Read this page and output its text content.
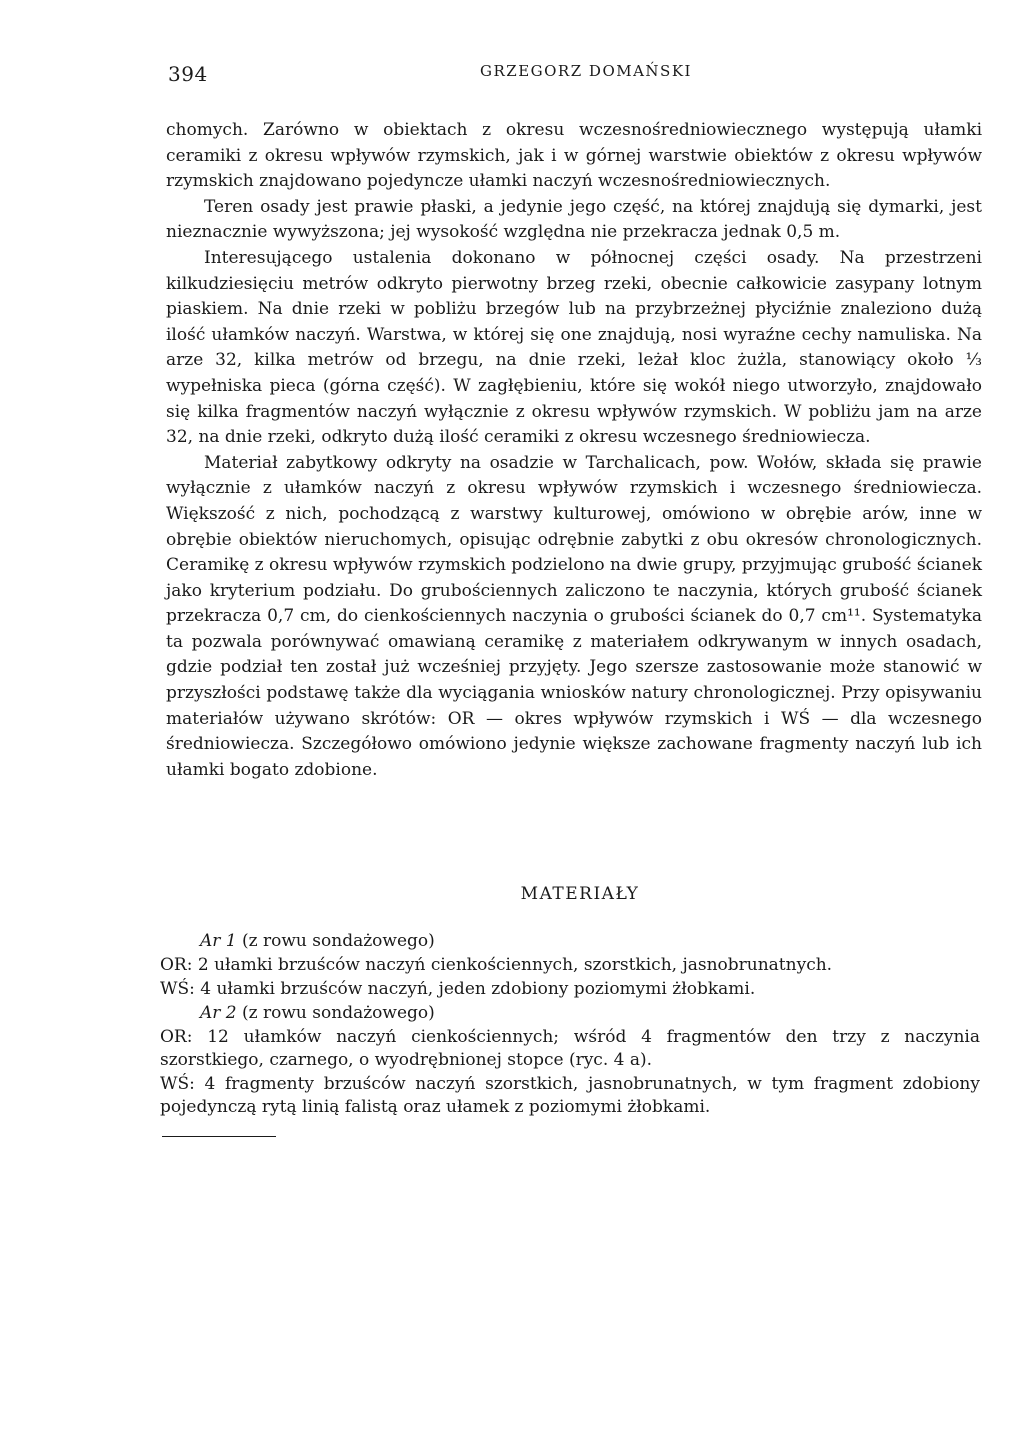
394	GRZEGORZ DOMAŃSKI

chomych. Zarówno w obiektach z okresu wczesnośredniowiecznego występują ułamki ceramiki z okresu wpływów rzymskich, jak i w górnej warstwie obiektów z okresu wpływów rzymskich znajdowano pojedyncze ułamki naczyń wczesnośredniowiecznych.

Teren osady jest prawie płaski, a jedynie jego część, na której znajdują się dymarki, jest nieznacznie wywyższona; jej wysokość względna nie przekracza jednak 0,5 m.

Interesującego ustalenia dokonano w północnej części osady. Na przestrzeni kilkudziesięciu metrów odkryto pierwotny brzeg rzeki, obecnie całkowicie zasypany lotnym piaskiem. Na dnie rzeki w pobliżu brzegów lub na przybrzeżnej płyciźnie znaleziono dużą ilość ułamków naczyń. Warstwa, w której się one znajdują, nosi wyraźne cechy namuliska. Na arze 32, kilka metrów od brzegu, na dnie rzeki, leżał kloc żużla, stanowiący około ⅓ wypełniska pieca (górna część). W zagłębieniu, które się wokół niego utworzyło, znajdowało się kilka fragmentów naczyń wyłącznie z okresu wpływów rzymskich. W pobliżu jam na arze 32, na dnie rzeki, odkryto dużą ilość ceramiki z okresu wczesnego średniowiecza.

Materiał zabytkowy odkryty na osadzie w Tarchalicach, pow. Wołów, składa się prawie wyłącznie z ułamków naczyń z okresu wpływów rzymskich i wczesnego średniowiecza. Większość z nich, pochodzącą z warstwy kulturowej, omówiono w obrębie arów, inne w obrębie obiektów nieruchomych, opisując odrębnie zabytki z obu okresów chronologicznych. Ceramikę z okresu wpływów rzymskich podzielono na dwie grupy, przyjmując grubość ścianek jako kryterium podziału. Do grubościennych zaliczono te naczynia, których grubość ścianek przekracza 0,7 cm, do cienkościennych naczynia o grubości ścianek do 0,7 cm¹¹. Systematyka ta pozwala porównywać omawianą ceramikę z materiałem odkrywanym w innych osadach, gdzie podział ten został już wcześniej przyjęty. Jego szersze zastosowanie może stanowić w przyszłości podstawę także dla wyciągania wniosków natury chronologicznej. Przy opisywaniu materiałów używano skrótów: OR — okres wpływów rzymskich i WŚ — dla wczesnego średniowiecza. Szczegółowo omówiono jedynie większe zachowane fragmenty naczyń lub ich ułamki bogato zdobione.

MATERIAŁY

Ar 1 (z rowu sondażowego)

OR: 2 ułamki brzuśców naczyń cienkościennych, szorstkich, jasnobrunatnych.

WŚ: 4 ułamki brzuśców naczyń, jeden zdobiony poziomymi żłobkami.

Ar 2 (z rowu sondażowego)

OR: 12 ułamków naczyń cienkościennych; wśród 4 fragmentów den trzy z naczynia szorstkiego, czarnego, o wyodrębnionej stopce (ryc. 4 a).

WŚ: 4 fragmenty brzuśców naczyń szorstkich, jasnobrunatnych, w tym fragment zdobiony pojedynczą rytą linią falistą oraz ułamek z poziomymi żłobkami.
